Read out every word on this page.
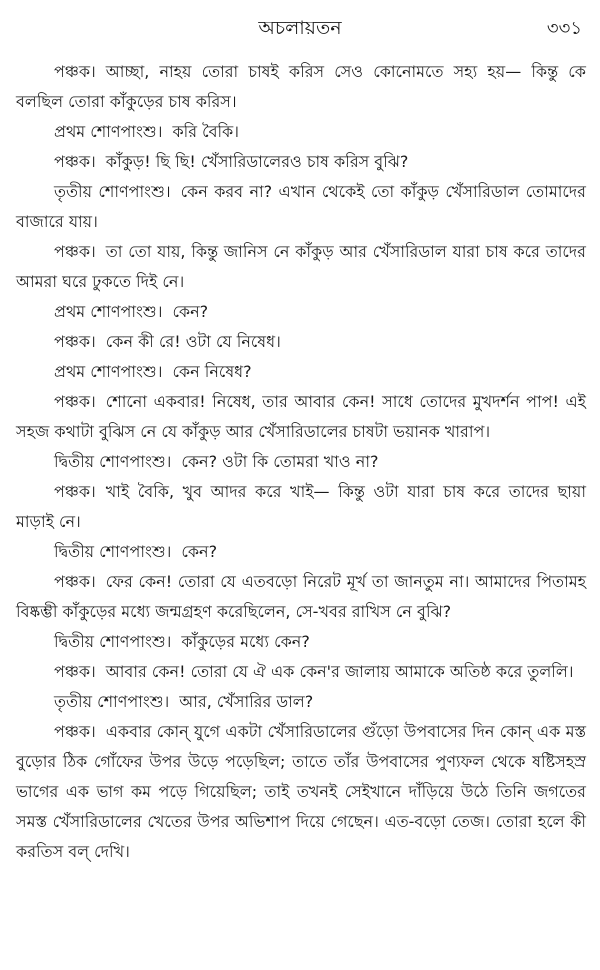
অচলায়তন	৩৩১

পঞ্চক। আচ্ছা, নাহয় তোরা চাষই করিস সেও কোনোমতে সহ্য হয়— কিন্তু কে বলছিল তোরা কাঁকুড়ের চাষ করিস।

প্রথম শোণপাংশু। করি বৈকি।

পঞ্চক। কাঁকুড়! ছি ছি! খেঁসারিডালেরও চাষ করিস বুঝি?

তৃতীয় শোণপাংশু। কেন করব না? এখান থেকেই তো কাঁকুড় খেঁসারিডাল তোমাদের বাজারে যায়।

পঞ্চক। তা তো যায়, কিন্তু জানিস নে কাঁকুড় আর খেঁসারিডাল যারা চাষ করে তাদের আমরা ঘরে ঢুকতে দিই নে।

প্রথম শোণপাংশু। কেন?

পঞ্চক। কেন কী রে! ওটা যে নিষেধ।

প্রথম শোণপাংশু। কেন নিষেধ?

পঞ্চক। শোনো একবার! নিষেধ, তার আবার কেন! সাধে তোদের মুখদর্শন পাপ! এই সহজ কথাটা বুঝিস নে যে কাঁকুড় আর খেঁসারিডালের চাষটা ভয়ানক খারাপ।

দ্বিতীয় শোণপাংশু। কেন? ওটা কি তোমরা খাও না?

পঞ্চক। খাই বৈকি, খুব আদর করে খাই— কিন্তু ওটা যারা চাষ করে তাদের ছায়া মাড়াই নে।

দ্বিতীয় শোণপাংশু। কেন?

পঞ্চক। ফের কেন! তোরা যে এতবড়ো নিরেট মূর্খ তা জানতুম না। আমাদের পিতামহ বিষ্কম্ভী কাঁকুড়ের মধ্যে জন্মগ্রহণ করেছিলেন, সে-খবর রাখিস নে বুঝি?

দ্বিতীয় শোণপাংশু। কাঁকুড়ের মধ্যে কেন?

পঞ্চক। আবার কেন! তোরা যে ঐ এক কেন'র জালায় আমাকে অতিষ্ঠ করে তুললি।

তৃতীয় শোণপাংশু। আর, খেঁসারির ডাল?

পঞ্চক। একবার কোন্ যুগে একটা খেঁসারিডালের গুঁড়ো উপবাসের দিন কোন্ এক মস্ত বুড়োর ঠিক গোঁফের উপর উড়ে পড়েছিল; তাতে তাঁর উপবাসের পুণ্যফল থেকে ষষ্টিসহস্র ভাগের এক ভাগ কম পড়ে গিয়েছিল; তাই তখনই সেইখানে দাঁড়িয়ে উঠে তিনি জগতের সমস্ত খেঁসারিডালের খেতের উপর অভিশাপ দিয়ে গেছেন। এত-বড়ো তেজ। তোরা হলে কী করতিস বল্ দেখি।
